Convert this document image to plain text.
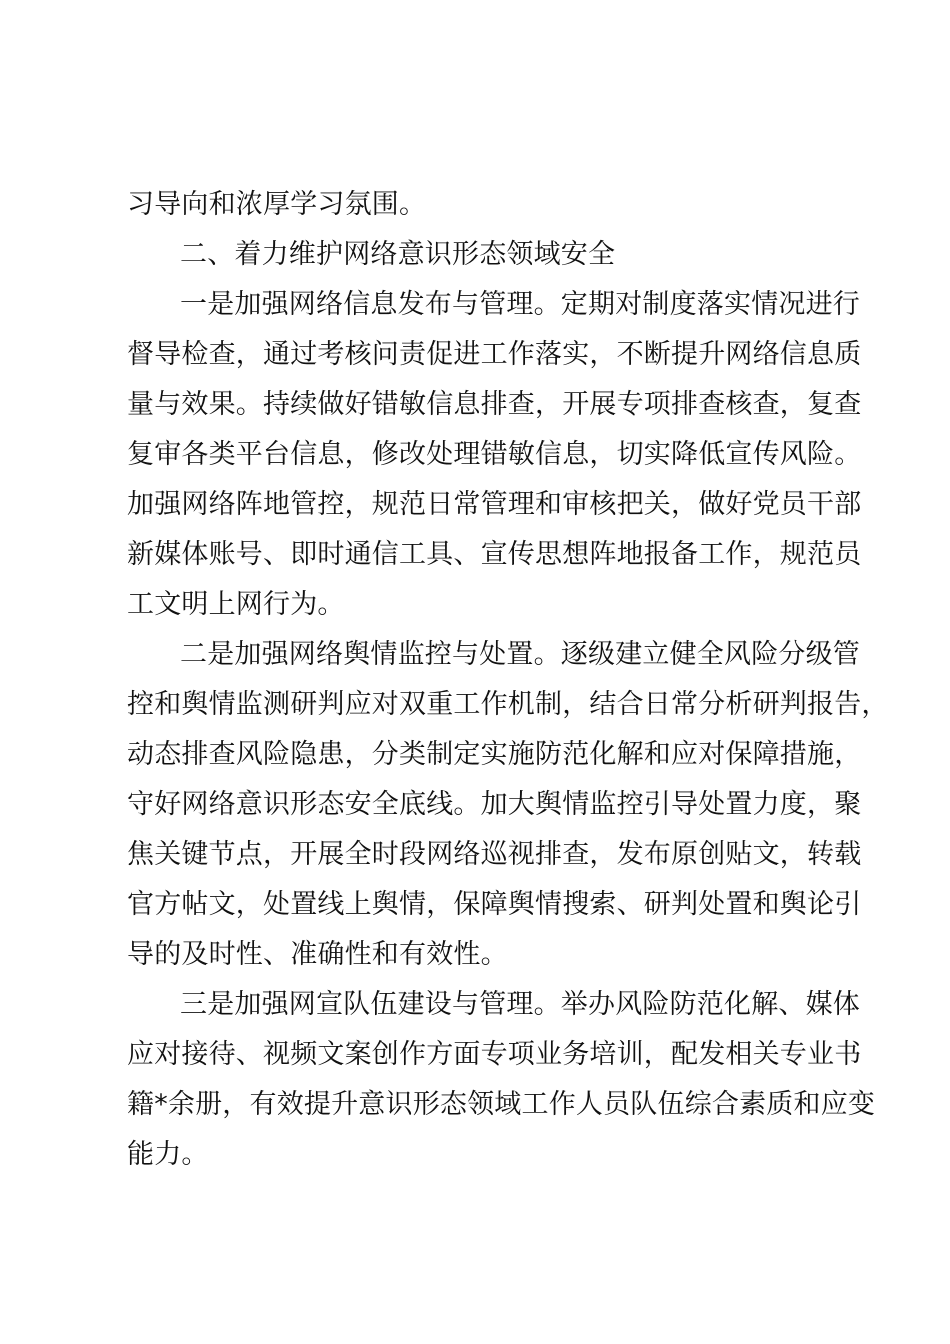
习导向和浓厚学习氛围。
二、着力维护网络意识形态领域安全
一是加强网络信息发布与管理。定期对制度落实情况进行
督导检查，通过考核问责促进工作落实，不断提升网络信息质
量与效果。持续做好错敏信息排查，开展专项排查核查，复查
复审各类平台信息，修改处理错敏信息，切实降低宣传风险。
加强网络阵地管控，规范日常管理和审核把关，做好党员干部
新媒体账号、即时通信工具、宣传思想阵地报备工作，规范员
工文明上网行为。
二是加强网络舆情监控与处置。逐级建立健全风险分级管
控和舆情监测研判应对双重工作机制，结合日常分析研判报告，
动态排查风险隐患，分类制定实施防范化解和应对保障措施，
守好网络意识形态安全底线。加大舆情监控引导处置力度，聚
焦关键节点，开展全时段网络巡视排查，发布原创贴文，转载
官方帖文，处置线上舆情，保障舆情搜索、研判处置和舆论引
导的及时性、准确性和有效性。
三是加强网宣队伍建设与管理。举办风险防范化解、媒体
应对接待、视频文案创作方面专项业务培训，配发相关专业书
籍*余册，有效提升意识形态领域工作人员队伍综合素质和应变
能力。
